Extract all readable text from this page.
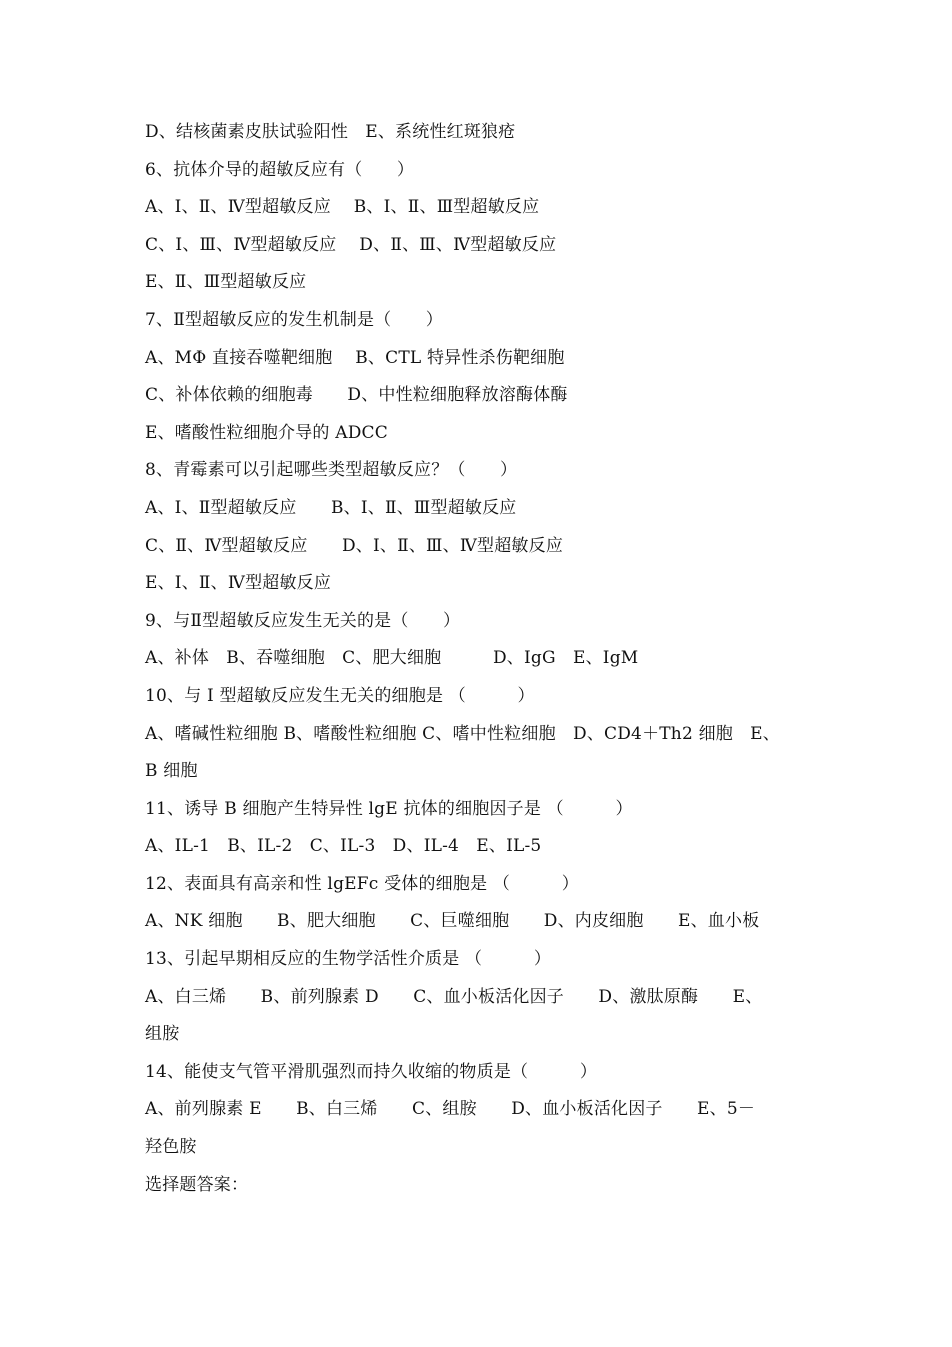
D、结核菌素皮肤试验阳性　E、系统性红斑狼疮

6、抗体介导的超敏反应有（　　）

A、Ⅰ、Ⅱ、Ⅳ型超敏反应　 B、Ⅰ、Ⅱ、Ⅲ型超敏反应

C、Ⅰ、Ⅲ、Ⅳ型超敏反应　 D、Ⅱ、Ⅲ、Ⅳ型超敏反应

E、Ⅱ、Ⅲ型超敏反应

7、Ⅱ型超敏反应的发生机制是（　　）

A、MΦ 直接吞噬靶细胞　 B、CTL 特异性杀伤靶细胞

C、补体依赖的细胞毒　　D、中性粒细胞释放溶酶体酶

E、嗜酸性粒细胞介导的 ADCC

8、青霉素可以引起哪些类型超敏反应？（　　）

A、Ⅰ、Ⅱ型超敏反应　　B、Ⅰ、Ⅱ、Ⅲ型超敏反应

C、Ⅱ、Ⅳ型超敏反应　　D、Ⅰ、Ⅱ、Ⅲ、Ⅳ型超敏反应

E、Ⅰ、Ⅱ、Ⅳ型超敏反应

9、与Ⅱ型超敏反应发生无关的是（　　）

A、补体　B、吞噬细胞　C、肥大细胞　　　D、IgG　E、IgM

10、与 I 型超敏反应发生无关的细胞是 （　　　）

A、嗜碱性粒细胞 B、嗜酸性粒细胞 C、嗜中性粒细胞　D、CD4＋Th2 细胞　E、

B 细胞

11、诱导 B 细胞产生特异性 lgE 抗体的细胞因子是 （　　　）

A、IL-1　B、IL-2　C、IL-3　D、IL-4　E、IL-5

12、表面具有高亲和性 lgEFc 受体的细胞是 （　　　）

A、NK 细胞　　B、肥大细胞　　C、巨噬细胞　　D、内皮细胞　　E、血小板

13、引起早期相反应的生物学活性介质是 （　　　）

A、白三烯　　B、前列腺素 D　　C、血小板活化因子　　D、激肽原酶　　E、

组胺

14、能使支气管平滑肌强烈而持久收缩的物质是（　　　）

A、前列腺素 E　　B、白三烯　　C、组胺　　D、血小板活化因子　　E、5－

羟色胺

选择题答案：
